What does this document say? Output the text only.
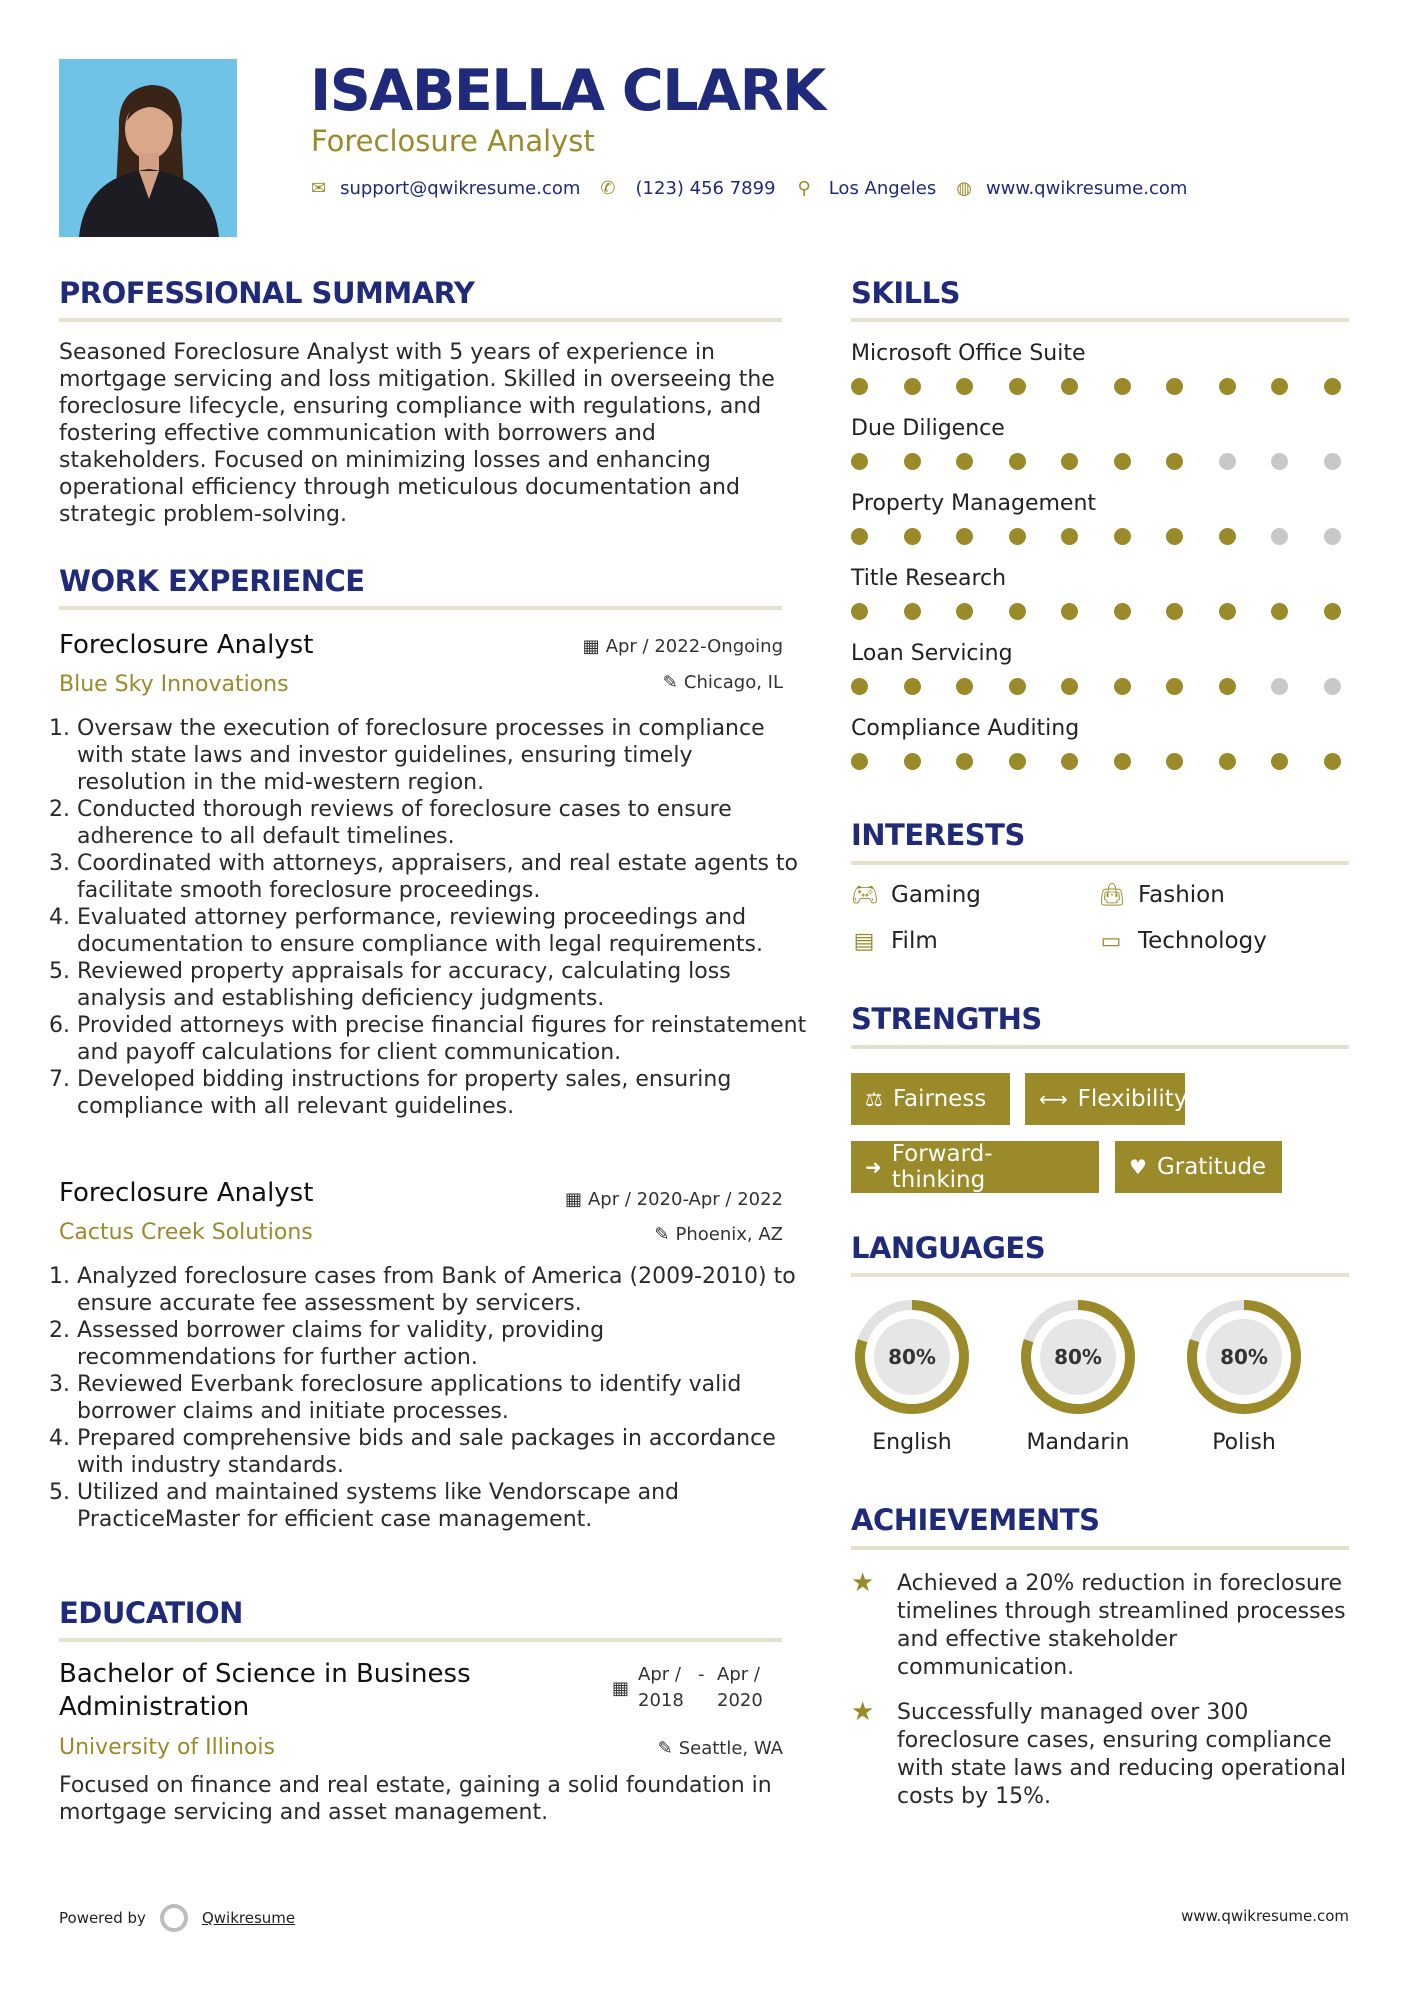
ISABELLA CLARK
Foreclosure Analyst
✉ support@qwikresume.com ✆ (123) 456 7899 ⚲ Los Angeles ◍ www.qwikresume.com
PROFESSIONAL SUMMARY
Seasoned Foreclosure Analyst with 5 years of experience in mortgage servicing and loss mitigation. Skilled in overseeing the foreclosure lifecycle, ensuring compliance with regulations, and fostering effective communication with borrowers and stakeholders. Focused on minimizing losses and enhancing operational efficiency through meticulous documentation and strategic problem-solving.
WORK EXPERIENCE
Foreclosure Analyst	▦ Apr / 2022-Ongoing
Blue Sky Innovations	✎ Chicago, IL
1. Oversaw the execution of foreclosure processes in compliance with state laws and investor guidelines, ensuring timely resolution in the mid-western region.
2. Conducted thorough reviews of foreclosure cases to ensure adherence to all default timelines.
3. Coordinated with attorneys, appraisers, and real estate agents to facilitate smooth foreclosure proceedings.
4. Evaluated attorney performance, reviewing proceedings and documentation to ensure compliance with legal requirements.
5. Reviewed property appraisals for accuracy, calculating loss analysis and establishing deficiency judgments.
6. Provided attorneys with precise financial figures for reinstatement and payoff calculations for client communication.
7. Developed bidding instructions for property sales, ensuring compliance with all relevant guidelines.
Foreclosure Analyst	▦ Apr / 2020-Apr / 2022
Cactus Creek Solutions	✎ Phoenix, AZ
1. Analyzed foreclosure cases from Bank of America (2009-2010) to ensure accurate fee assessment by servicers.
2. Assessed borrower claims for validity, providing recommendations for further action.
3. Reviewed Everbank foreclosure applications to identify valid borrower claims and initiate processes.
4. Prepared comprehensive bids and sale packages in accordance with industry standards.
5. Utilized and maintained systems like Vendorscape and PracticeMaster for efficient case management.
EDUCATION
Bachelor of Science in Business Administration
▦
Apr /
2018
- Apr /
2020
University of Illinois	✎ Seattle, WA
Focused on finance and real estate, gaining a solid foundation in mortgage servicing and asset management.
SKILLS
Microsoft Office Suite
Due Diligence
Property Management
Title Research
Loan Servicing
Compliance Auditing
INTERESTS
🎮︎ Gaming	👜︎ Fashion
▤ Film	▭ Technology
STRENGTHS
⚖ Fairness	⟷ Flexibility
➜ Forward-thinking	♥ Gratitude
LANGUAGES
80%
English
80%
Mandarin
80%
Polish
ACHIEVEMENTS
★ Achieved a 20% reduction in foreclosure timelines through streamlined processes and effective stakeholder communication.
★ Successfully managed over 300 foreclosure cases, ensuring compliance with state laws and reducing operational costs by 15%.
Powered by	Qwikresume	www.qwikresume.com
